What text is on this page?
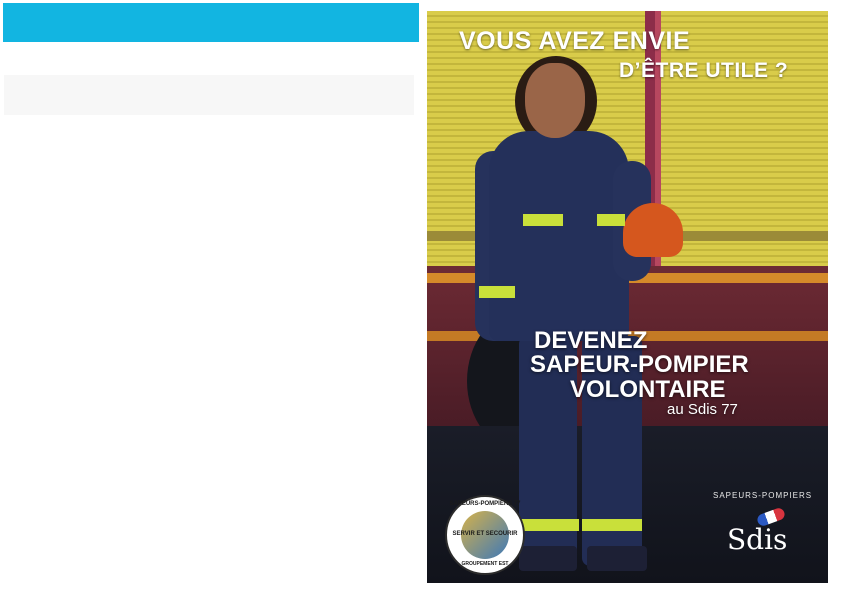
VOUS AVEZ ENVIE
D’ÊTRE UTILE ?
DEVENEZ
SAPEUR-POMPIER
VOLONTAIRE
au Sdis 77
SAPEURS-POMPIERS 77
SERVIR ET SECOURIR
GROUPEMENT EST
SAPEURS-POMPIERS
Sdis
